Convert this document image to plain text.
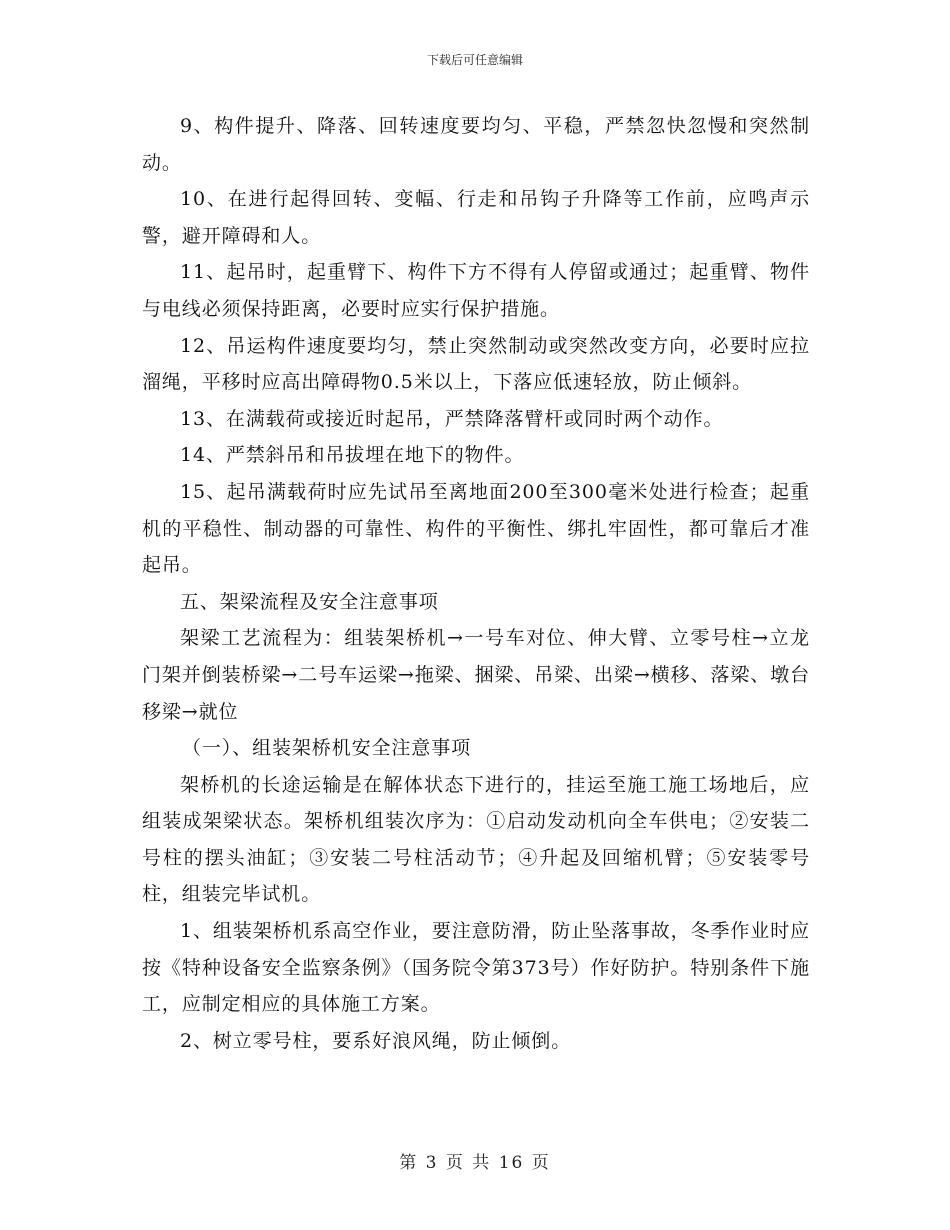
下载后可任意编辑

9、构件提升、降落、回转速度要均匀、平稳，严禁忽快忽慢和突然制动。

10、在进行起得回转、变幅、行走和吊钩子升降等工作前，应鸣声示警，避开障碍和人。

11、起吊时，起重臂下、构件下方不得有人停留或通过；起重臂、物件与电线必须保持距离，必要时应实行保护措施。

12、吊运构件速度要均匀，禁止突然制动或突然改变方向，必要时应拉溜绳，平移时应高出障碍物0.5米以上，下落应低速轻放，防止倾斜。

13、在满载荷或接近时起吊，严禁降落臂杆或同时两个动作。

14、严禁斜吊和吊拔埋在地下的物件。

15、起吊满载荷时应先试吊至离地面200至300毫米处进行检查；起重机的平稳性、制动器的可靠性、构件的平衡性、绑扎牢固性，都可靠后才准起吊。

五、架梁流程及安全注意事项

架梁工艺流程为：组装架桥机→一号车对位、伸大臂、立零号柱→立龙门架并倒装桥梁→二号车运梁→拖梁、捆梁、吊梁、出梁→横移、落梁、墩台移梁→就位

（一）、组装架桥机安全注意事项

架桥机的长途运输是在解体状态下进行的，挂运至施工施工场地后，应组装成架梁状态。架桥机组装次序为：①启动发动机向全车供电；②安装二号柱的摆头油缸；③安装二号柱活动节；④升起及回缩机臂；⑤安装零号柱，组装完毕试机。

1、组装架桥机系高空作业，要注意防滑，防止坠落事故，冬季作业时应按《特种设备安全监察条例》（国务院令第373号）作好防护。特别条件下施工，应制定相应的具体施工方案。

2、树立零号柱，要系好浪风绳，防止倾倒。

第 3 页 共 16 页
